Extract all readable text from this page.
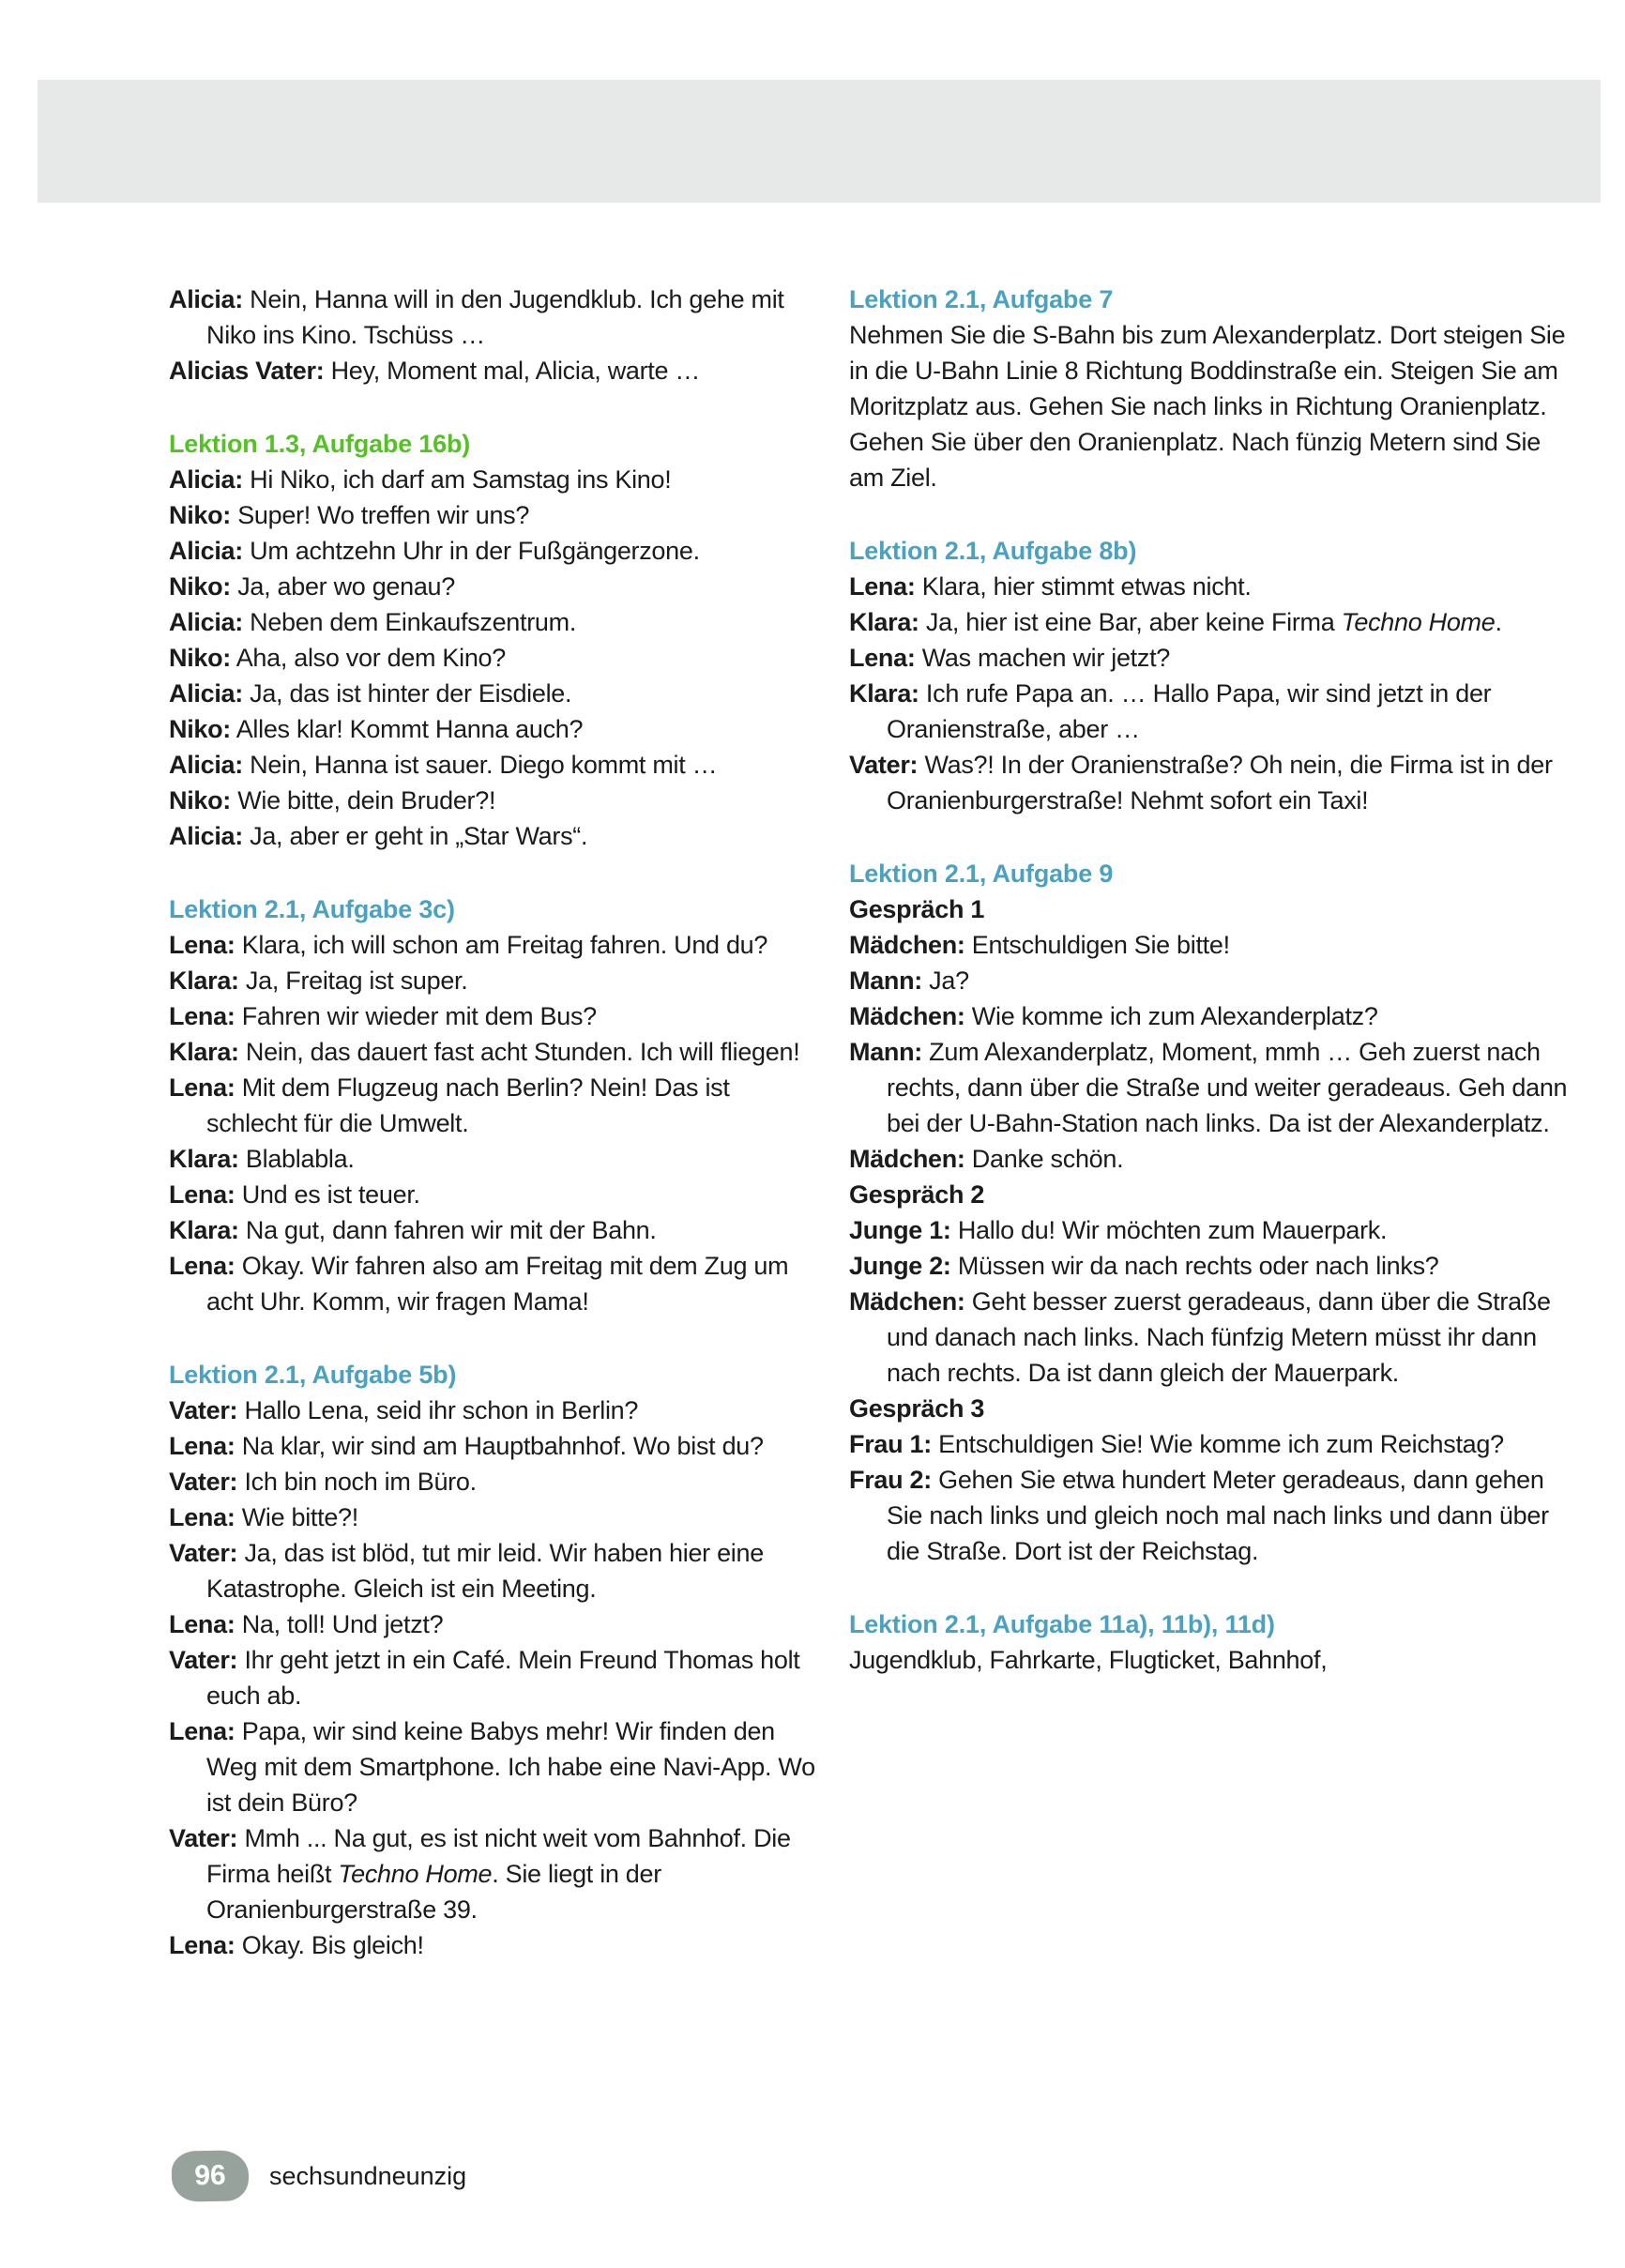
Alicia: Nein, Hanna will in den Jugendklub. Ich gehe mit Niko ins Kino. Tschüss …

Alicias Vater: Hey, Moment mal, Alicia, warte …

Lektion 1.3, Aufgabe 16b)

Alicia: Hi Niko, ich darf am Samstag ins Kino!

Niko: Super! Wo treffen wir uns?

Alicia: Um achtzehn Uhr in der Fußgängerzone.

Niko: Ja, aber wo genau?

Alicia: Neben dem Einkaufszentrum.

Niko: Aha, also vor dem Kino?

Alicia: Ja, das ist hinter der Eisdiele.

Niko: Alles klar! Kommt Hanna auch?

Alicia: Nein, Hanna ist sauer. Diego kommt mit …

Niko: Wie bitte, dein Bruder?!

Alicia: Ja, aber er geht in „Star Wars“.

Lektion 2.1, Aufgabe 3c)

Lena: Klara, ich will schon am Freitag fahren. Und du?

Klara: Ja, Freitag ist super.

Lena: Fahren wir wieder mit dem Bus?

Klara: Nein, das dauert fast acht Stunden. Ich will fliegen!

Lena: Mit dem Flugzeug nach Berlin? Nein! Das ist schlecht für die Umwelt.

Klara: Blablabla.

Lena: Und es ist teuer.

Klara: Na gut, dann fahren wir mit der Bahn.

Lena: Okay. Wir fahren also am Freitag mit dem Zug um acht Uhr. Komm, wir fragen Mama!

Lektion 2.1, Aufgabe 5b)

Vater: Hallo Lena, seid ihr schon in Berlin?

Lena: Na klar, wir sind am Hauptbahnhof. Wo bist du?

Vater: Ich bin noch im Büro.

Lena: Wie bitte?!

Vater: Ja, das ist blöd, tut mir leid. Wir haben hier eine Katastrophe. Gleich ist ein Meeting.

Lena: Na, toll! Und jetzt?

Vater: Ihr geht jetzt in ein Café. Mein Freund Thomas holt euch ab.

Lena: Papa, wir sind keine Babys mehr! Wir finden den Weg mit dem Smartphone. Ich habe eine Navi-App. Wo ist dein Büro?

Vater: Mmh ... Na gut, es ist nicht weit vom Bahnhof. Die Firma heißt Techno Home. Sie liegt in der Oranienburgerstraße 39.

Lena: Okay. Bis gleich!

Lektion 2.1, Aufgabe 7

Nehmen Sie die S-Bahn bis zum Alexanderplatz. Dort steigen Sie in die U-Bahn Linie 8 Richtung Boddinstraße ein. Steigen Sie am Moritzplatz aus. Gehen Sie nach links in Richtung Oranienplatz. Gehen Sie über den Oranienplatz. Nach fünzig Metern sind Sie am Ziel.

Lektion 2.1, Aufgabe 8b)

Lena: Klara, hier stimmt etwas nicht.

Klara: Ja, hier ist eine Bar, aber keine Firma Techno Home.

Lena: Was machen wir jetzt?

Klara: Ich rufe Papa an. … Hallo Papa, wir sind jetzt in der Oranienstraße, aber …

Vater: Was?! In der Oranienstraße? Oh nein, die Firma ist in der Oranienburgerstraße! Nehmt sofort ein Taxi!

Lektion 2.1, Aufgabe 9

Gespräch 1

Mädchen: Entschuldigen Sie bitte!

Mann: Ja?

Mädchen: Wie komme ich zum Alexanderplatz?

Mann: Zum Alexanderplatz, Moment, mmh … Geh zuerst nach rechts, dann über die Straße und weiter geradeaus. Geh dann bei der U-Bahn-Station nach links. Da ist der Alexanderplatz.

Mädchen: Danke schön.

Gespräch 2

Junge 1: Hallo du! Wir möchten zum Mauerpark.

Junge 2: Müssen wir da nach rechts oder nach links?

Mädchen: Geht besser zuerst geradeaus, dann über die Straße und danach nach links. Nach fünfzig Metern müsst ihr dann nach rechts. Da ist dann gleich der Mauerpark.

Gespräch 3

Frau 1: Entschuldigen Sie! Wie komme ich zum Reichstag?

Frau 2: Gehen Sie etwa hundert Meter geradeaus, dann gehen Sie nach links und gleich noch mal nach links und dann über die Straße. Dort ist der Reichstag.

Lektion 2.1, Aufgabe 11a), 11b), 11d)

Jugendklub, Fahrkarte, Flugticket, Bahnhof,

96 sechsundneunzig
